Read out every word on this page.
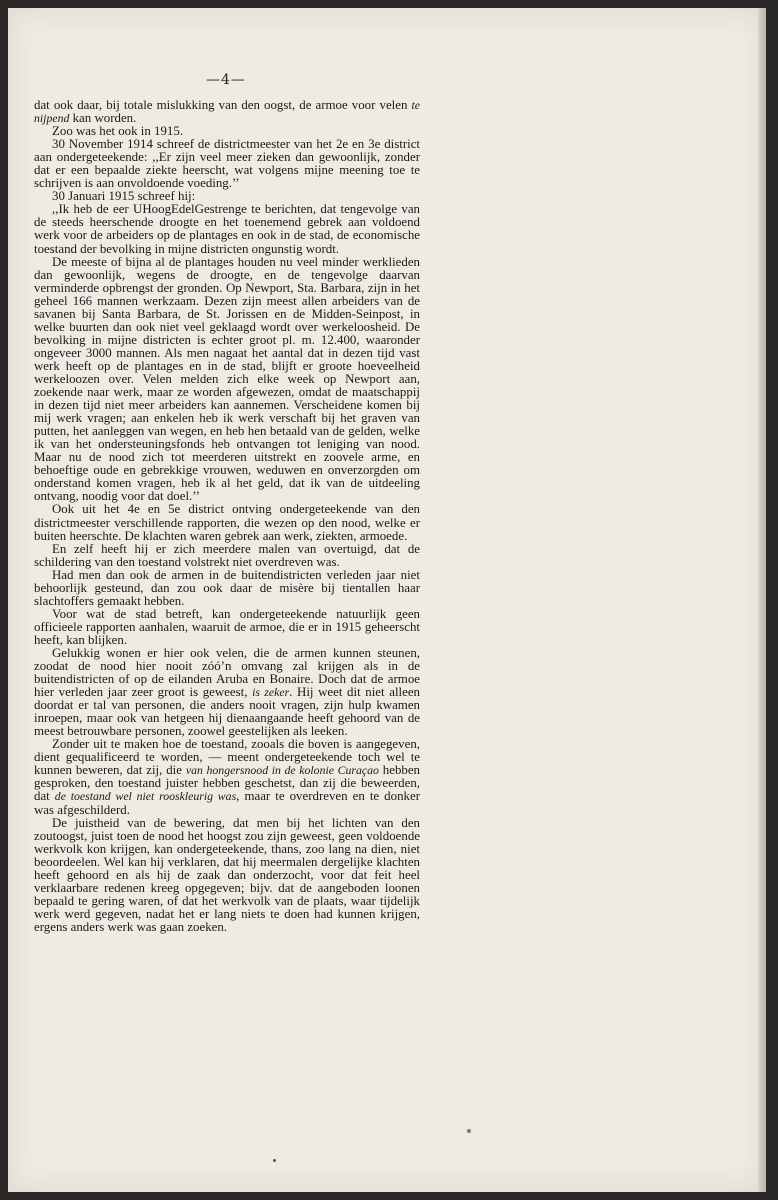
—4—

dat ook daar, bij totale mislukking van den oogst, de armoe voor velen te nijpend kan worden.

Zoo was het ook in 1915.

30 November 1914 schreef de districtmeester van het 2e en 3e district aan ondergeteekende: ,,Er zijn veel meer zieken dan gewoonlijk, zonder dat er een bepaalde ziekte heerscht, wat volgens mijne meening toe te schrijven is aan onvoldoende voeding.’’

30 Januari 1915 schreef hij:

,,Ik heb de eer UHoogEdelGestrenge te berichten, dat tengevolge van de steeds heerschende droogte en het toenemend gebrek aan voldoend werk voor de arbeiders op de plantages en ook in de stad, de economische toestand der bevolking in mijne districten ongunstig wordt.

De meeste of bijna al de plantages houden nu veel minder werklieden dan gewoonlijk, wegens de droogte, en de tengevolge daarvan verminderde opbrengst der gronden. Op Newport, Sta. Barbara, zijn in het geheel 166 mannen werkzaam. Dezen zijn meest allen arbeiders van de savanen bij Santa Barbara, de St. Jorissen en de Midden-Seinpost, in welke buurten dan ook niet veel geklaagd wordt over werkeloosheid. De bevolking in mijne districten is echter groot pl. m. 12.400, waaronder ongeveer 3000 mannen. Als men nagaat het aantal dat in dezen tijd vast werk heeft op de plantages en in de stad, blijft er groote hoeveelheid werkeloozen over. Velen melden zich elke week op Newport aan, zoekende naar werk, maar ze worden afgewezen, omdat de maatschappij in dezen tijd niet meer arbeiders kan aannemen. Verscheidene komen bij mij werk vragen; aan enkelen heb ik werk verschaft bij het graven van putten, het aanleggen van wegen, en heb hen betaald van de gelden, welke ik van het ondersteuningsfonds heb ontvangen tot leniging van nood. Maar nu de nood zich tot meerderen uitstrekt en zoovele arme, en behoeftige oude en gebrekkige vrouwen, weduwen en onverzorgden om onderstand komen vragen, heb ik al het geld, dat ik van de uitdeeling ontvang, noodig voor dat doel.’’

Ook uit het 4e en 5e district ontving ondergeteekende van den districtmeester verschillende rapporten, die wezen op den nood, welke er buiten heerschte. De klachten waren gebrek aan werk, ziekten, armoede.

En zelf heeft hij er zich meerdere malen van overtuigd, dat de schildering van den toestand volstrekt niet overdreven was.

Had men dan ook de armen in de buitendistricten verleden jaar niet behoorlijk gesteund, dan zou ook daar de misère bij tientallen haar slachtoffers gemaakt hebben.

Voor wat de stad betreft, kan ondergeteekende natuurlijk geen officieele rapporten aanhalen, waaruit de armoe, die er in 1915 geheerscht heeft, kan blijken.

Gelukkig wonen er hier ook velen, die de armen kunnen steunen, zoodat de nood hier nooit zóó’n omvang zal krijgen als in de buitendistricten of op de eilanden Aruba en Bonaire. Doch dat de armoe hier verleden jaar zeer groot is geweest, is zeker. Hij weet dit niet alleen doordat er tal van personen, die anders nooit vragen, zijn hulp kwamen inroepen, maar ook van hetgeen hij dienaangaande heeft gehoord van de meest betrouwbare personen, zoowel geestelijken als leeken.

Zonder uit te maken hoe de toestand, zooals die boven is aangegeven, dient gequalificeerd te worden, — meent ondergeteekende toch wel te kunnen beweren, dat zij, die van hongersnood in de kolonie Curaçao hebben gesproken, den toestand juister hebben geschetst, dan zij die beweerden, dat de toestand wel niet rooskleurig was, maar te overdreven en te donker was afgeschilderd.

De juistheid van de bewering, dat men bij het lichten van den zoutoogst, juist toen de nood het hoogst zou zijn geweest, geen voldoende werkvolk kon krijgen, kan ondergeteekende, thans, zoo lang na dien, niet beoordeelen. Wel kan hij verklaren, dat hij meermalen dergelijke klachten heeft gehoord en als hij de zaak dan onderzocht, voor dat feit heel verklaarbare redenen kreeg opgegeven; bijv. dat de aangeboden loonen bepaald te gering waren, of dat het werkvolk van de plaats, waar tijdelijk werk werd gegeven, nadat het er lang niets te doen had kunnen krijgen, ergens anders werk was gaan zoeken.
